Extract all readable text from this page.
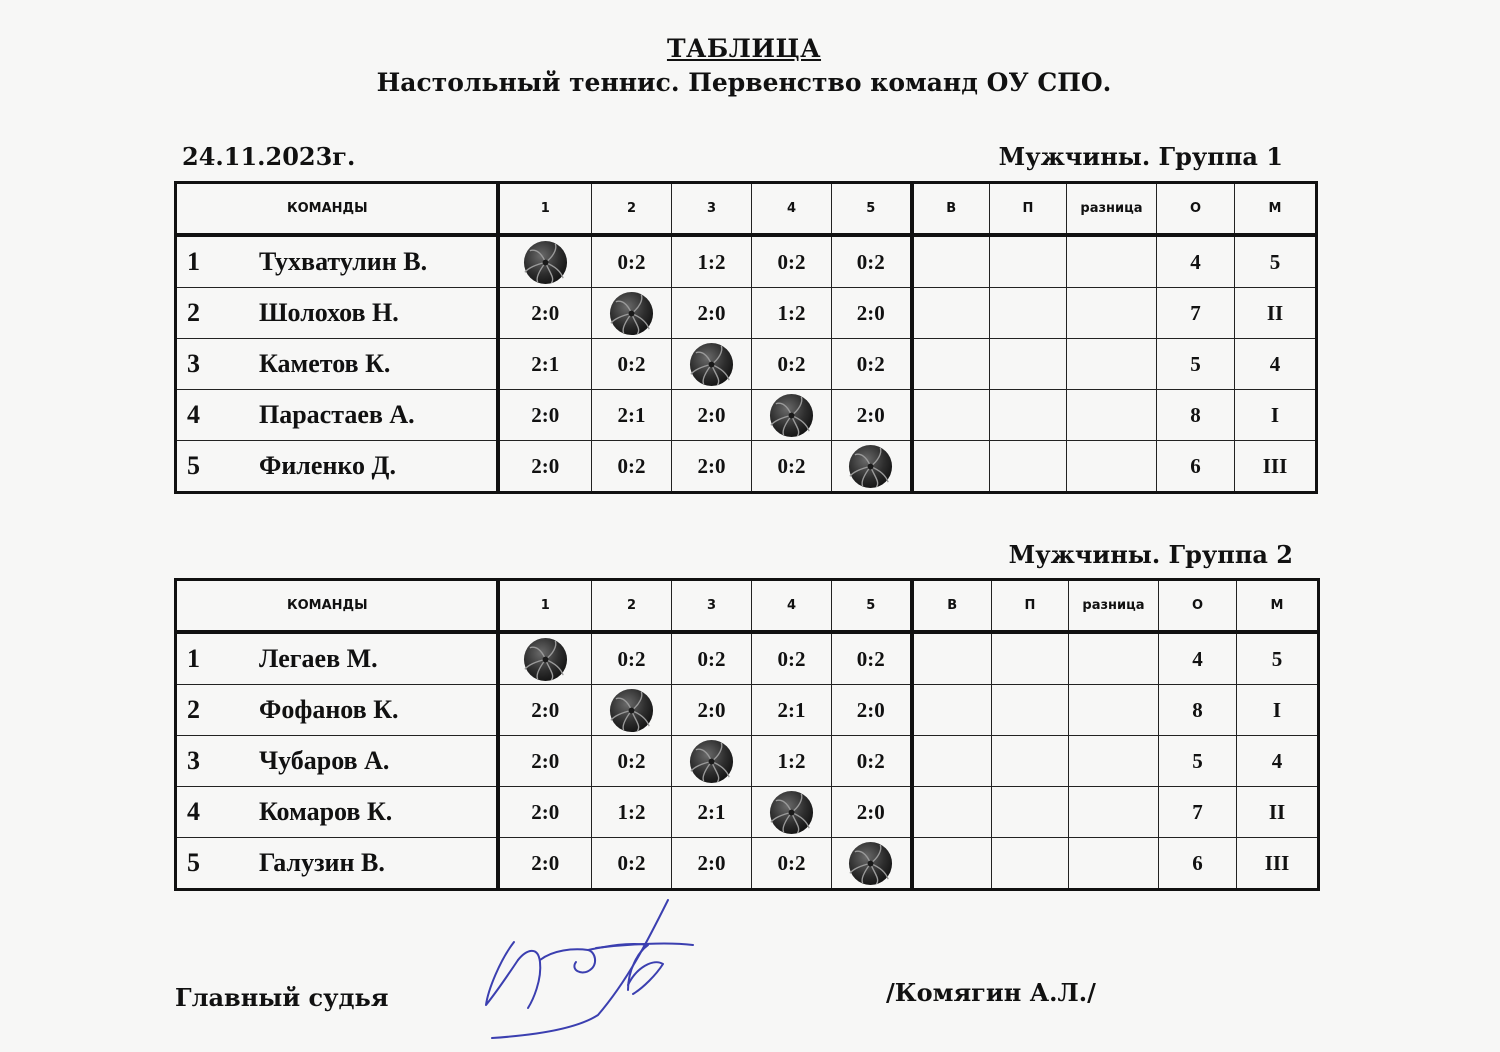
ТАБЛИЦА
Настольный теннис. Первенство команд ОУ СПО.
24.11.2023г.	Мужчины. Группа 1
КОМАНДЫ	1	2	3	4	5	В	П	разница	О	М
1 Тухватулин В.		0:2	1:2	0:2	0:2				4	5
2 Шолохов Н.	2:0		2:0	1:2	2:0				7	II
3 Каметов К.	2:1	0:2		0:2	0:2				5	4
4 Парастаев А.	2:0	2:1	2:0		2:0				8	I
5 Филенко Д.	2:0	0:2	2:0	0:2					6	III
Мужчины. Группа 2
КОМАНДЫ	1	2	3	4	5	В	П	разница	О	М
1 Легаев М.		0:2	0:2	0:2	0:2				4	5
2 Фофанов К.	2:0		2:0	2:1	2:0				8	I
3 Чубаров А.	2:0	0:2		1:2	0:2				5	4
4 Комаров К.	2:0	1:2	2:1		2:0				7	II
5 Галузин В.	2:0	0:2	2:0	0:2					6	III
Главный судья	/Комягин А.Л./
